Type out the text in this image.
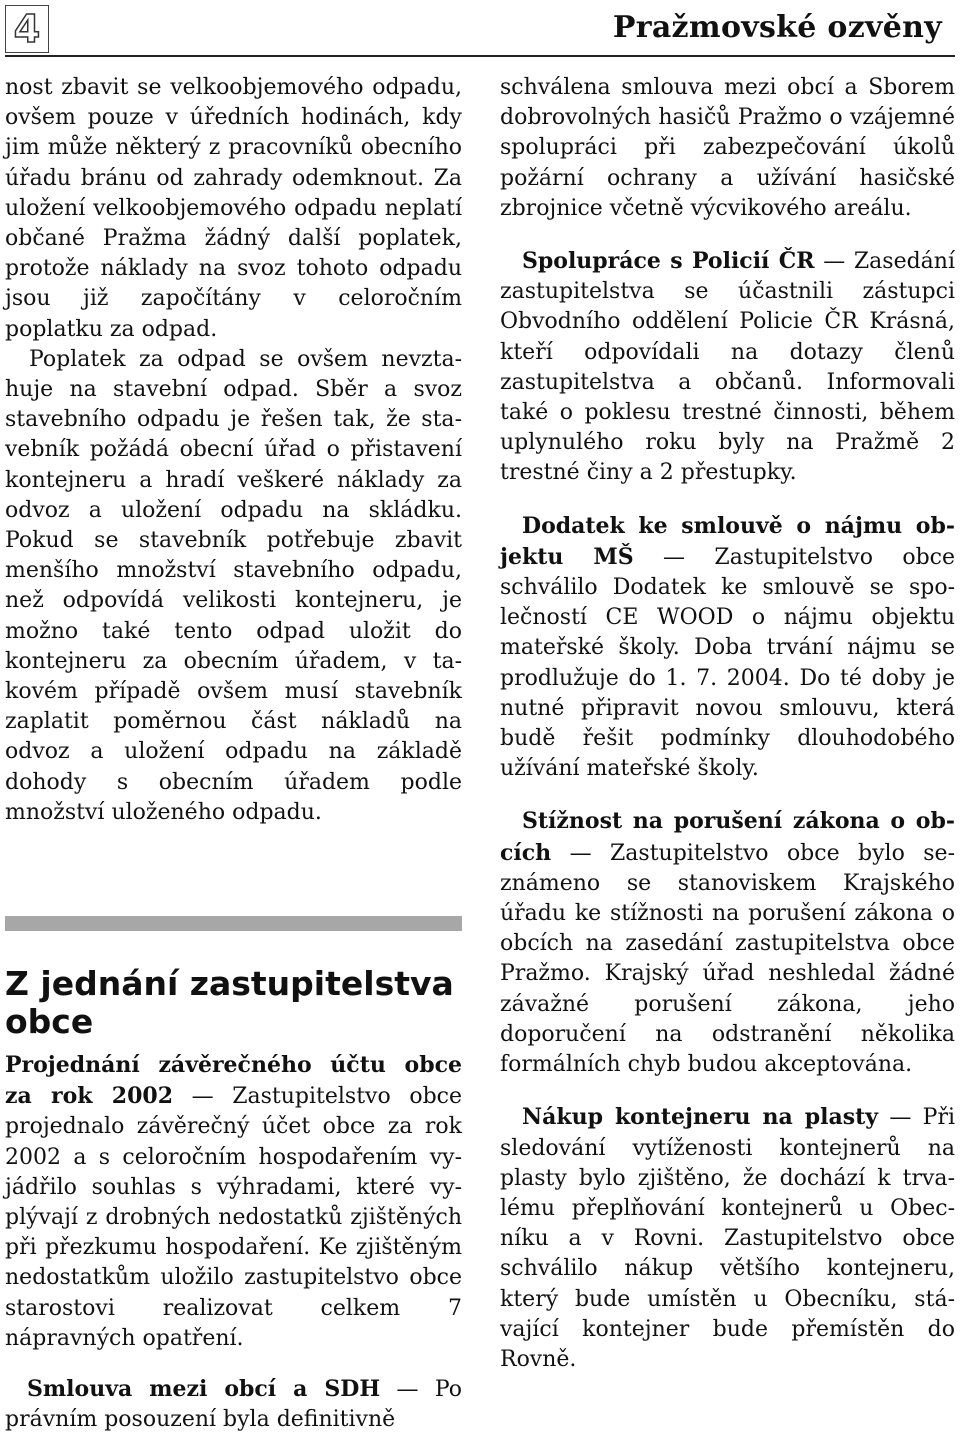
4	Pražmovské ozvěny

nost zbavit se velkoobjemového odpadu, ovšem pouze v úředních hodinách, kdy jim může některý z pracovníků obecního úřadu bránu od zahrady odemknout. Za uložení velkoobjemového odpadu neplatí občané Pražma žádný další poplatek, protože náklady na svoz tohoto odpadu jsou již započítány v celoročním poplatku za odpad.

Poplatek za odpad se ovšem nevztahuje na stavební odpad. Sběr a svoz stavebního odpadu je řešen tak, že stavebník požádá obecní úřad o přistavení kontejneru a hradí veškeré náklady za odvoz a uložení odpadu na skládku. Pokud se stavebník potřebuje zbavit menšího množství stavebního odpadu, než odpovídá velikosti kontejneru, je možno také tento odpad uložit do kontejneru za obecním úřadem, v takovém případě ovšem musí stavebník zaplatit poměrnou část nákladů na odvoz a uložení odpadu na základě dohody s obecním úřadem podle množství uloženého odpadu.

Z jednání zastupitelstva obce

Projednání závěrečného účtu obce za rok 2002 — Zastupitelstvo obce projednalo závěrečný účet obce za rok 2002 a s celoročním hospodařením vyjádřilo souhlas s výhradami, které vyplývají z drobných nedostatků zjištěných při přezkumu hospodaření. Ke zjištěným nedostatkům uložilo zastupitelstvo obce starostovi realizovat celkem 7 nápravných opatření.

Smlouva mezi obcí a SDH — Po právním posouzení byla definitivně

schválena smlouva mezi obcí a Sborem dobrovolných hasičů Pražmo o vzájemné spolupráci při zabezpečování úkolů požární ochrany a užívání hasičské zbrojnice včetně výcvikového areálu.

Spolupráce s Policií ČR — Zasedání zastupitelstva se účastnili zástupci Obvodního oddělení Policie ČR Krásná, kteří odpovídali na dotazy členů zastupitelstva a občanů. Informovali také o poklesu trestné činnosti, během uplynulého roku byly na Pražmě 2 trestné činy a 2 přestupky.

Dodatek ke smlouvě o nájmu objektu MŠ — Zastupitelstvo obce schválilo Dodatek ke smlouvě se společností CE WOOD o nájmu objektu mateřské školy. Doba trvání nájmu se prodlužuje do 1. 7. 2004. Do té doby je nutné připravit novou smlouvu, která budě řešit podmínky dlouhodobého užívání mateřské školy.

Stížnost na porušení zákona o obcích — Zastupitelstvo obce bylo seznámeno se stanoviskem Krajského úřadu ke stížnosti na porušení zákona o obcích na zasedání zastupitelstva obce Pražmo. Krajský úřad neshledal žádné závažné porušení zákona, jeho doporučení na odstranění několika formálních chyb budou akceptována.

Nákup kontejneru na plasty — Při sledování vytíženosti kontejnerů na plasty bylo zjištěno, že dochází k trvalému přeplňování kontejnerů u Obecníku a v Rovni. Zastupitelstvo obce schválilo nákup většího kontejneru, který bude umístěn u Obecníku, stávající kontejner bude přemístěn do Rovně.
